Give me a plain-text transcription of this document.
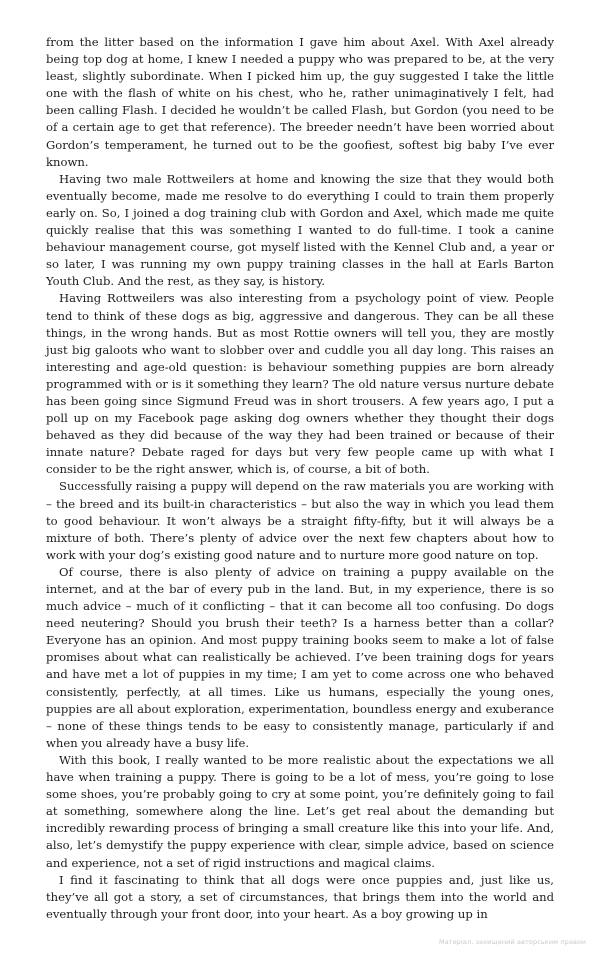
from the litter based on the information I gave him about Axel. With Axel already being top dog at home, I knew I needed a puppy who was prepared to be, at the very least, slightly subordinate. When I picked him up, the guy suggested I take the little one with the flash of white on his chest, who he, rather unimaginatively I felt, had been calling Flash. I decided he wouldn’t be called Flash, but Gordon (you need to be of a certain age to get that reference). The breeder needn’t have been worried about Gordon’s temperament, he turned out to be the goofiest, softest big baby I’ve ever known.

Having two male Rottweilers at home and knowing the size that they would both eventually become, made me resolve to do everything I could to train them properly early on. So, I joined a dog training club with Gordon and Axel, which made me quite quickly realise that this was something I wanted to do full-time. I took a canine behaviour management course, got myself listed with the Kennel Club and, a year or so later, I was running my own puppy training classes in the hall at Earls Barton Youth Club. And the rest, as they say, is history.

Having Rottweilers was also interesting from a psychology point of view. People tend to think of these dogs as big, aggressive and dangerous. They can be all these things, in the wrong hands. But as most Rottie owners will tell you, they are mostly just big galoots who want to slobber over and cuddle you all day long. This raises an interesting and age-old question: is behaviour something puppies are born already programmed with or is it something they learn? The old nature versus nurture debate has been going since Sigmund Freud was in short trousers. A few years ago, I put a poll up on my Facebook page asking dog owners whether they thought their dogs behaved as they did because of the way they had been trained or because of their innate nature? Debate raged for days but very few people came up with what I consider to be the right answer, which is, of course, a bit of both.

Successfully raising a puppy will depend on the raw materials you are working with – the breed and its built-in characteristics – but also the way in which you lead them to good behaviour. It won’t always be a straight fifty-fifty, but it will always be a mixture of both. There’s plenty of advice over the next few chapters about how to work with your dog’s existing good nature and to nurture more good nature on top.

Of course, there is also plenty of advice on training a puppy available on the internet, and at the bar of every pub in the land. But, in my experience, there is so much advice – much of it conflicting – that it can become all too confusing. Do dogs need neutering? Should you brush their teeth? Is a harness better than a collar? Everyone has an opinion. And most puppy training books seem to make a lot of false promises about what can realistically be achieved. I’ve been training dogs for years and have met a lot of puppies in my time; I am yet to come across one who behaved consistently, perfectly, at all times. Like us humans, especially the young ones, puppies are all about exploration, experimentation, boundless energy and exuberance – none of these things tends to be easy to consistently manage, particularly if and when you already have a busy life.

With this book, I really wanted to be more realistic about the expectations we all have when training a puppy. There is going to be a lot of mess, you’re going to lose some shoes, you’re probably going to cry at some point, you’re definitely going to fail at something, somewhere along the line. Let’s get real about the demanding but incredibly rewarding process of bringing a small creature like this into your life. And, also, let’s demystify the puppy experience with clear, simple advice, based on science and experience, not a set of rigid instructions and magical claims.

I find it fascinating to think that all dogs were once puppies and, just like us, they’ve all got a story, a set of circumstances, that brings them into the world and eventually through your front door, into your heart. As a boy growing up in

Матеріал, захищений авторським правом
